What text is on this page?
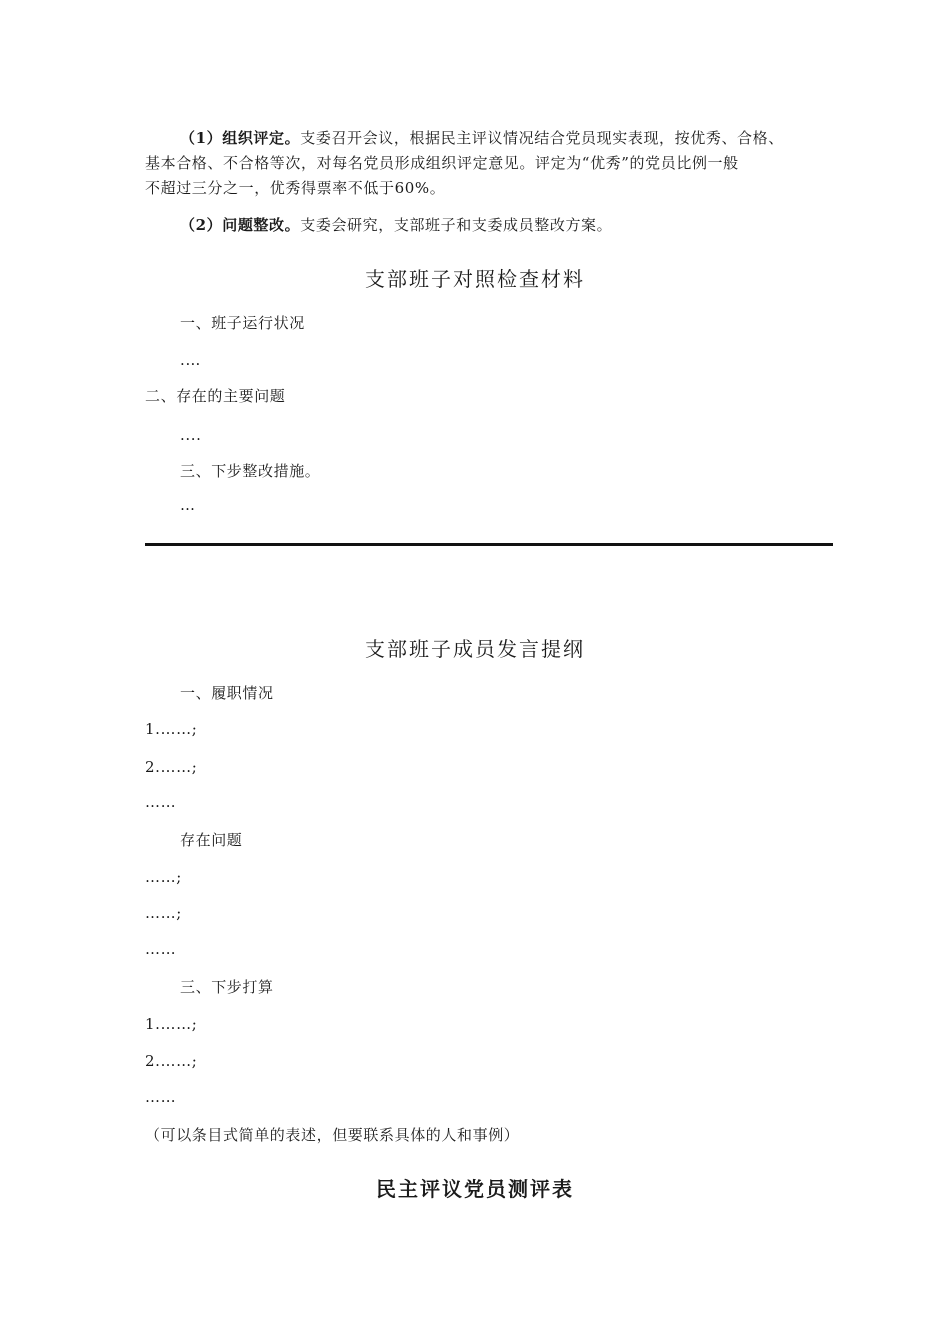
（1）组织评定。支委召开会议，根据民主评议情况结合党员现实表现，按优秀、合格、
基本合格、不合格等次，对每名党员形成组织评定意见。评定为“优秀”的党员比例一般
不超过三分之一，优秀得票率不低于60%。
（2）问题整改。支委会研究，支部班子和支委成员整改方案。
支部班子对照检查材料
一、班子运行状况
.…
二、存在的主要问题
....
三、下步整改措施。
…
支部班子成员发言提纲
一、履职情况
1.……;
2.……;
……
存在问题
……;
……;
……
三、下步打算
1.……;
2.……;
……
（可以条目式简单的表述，但要联系具体的人和事例）
民主评议党员测评表
